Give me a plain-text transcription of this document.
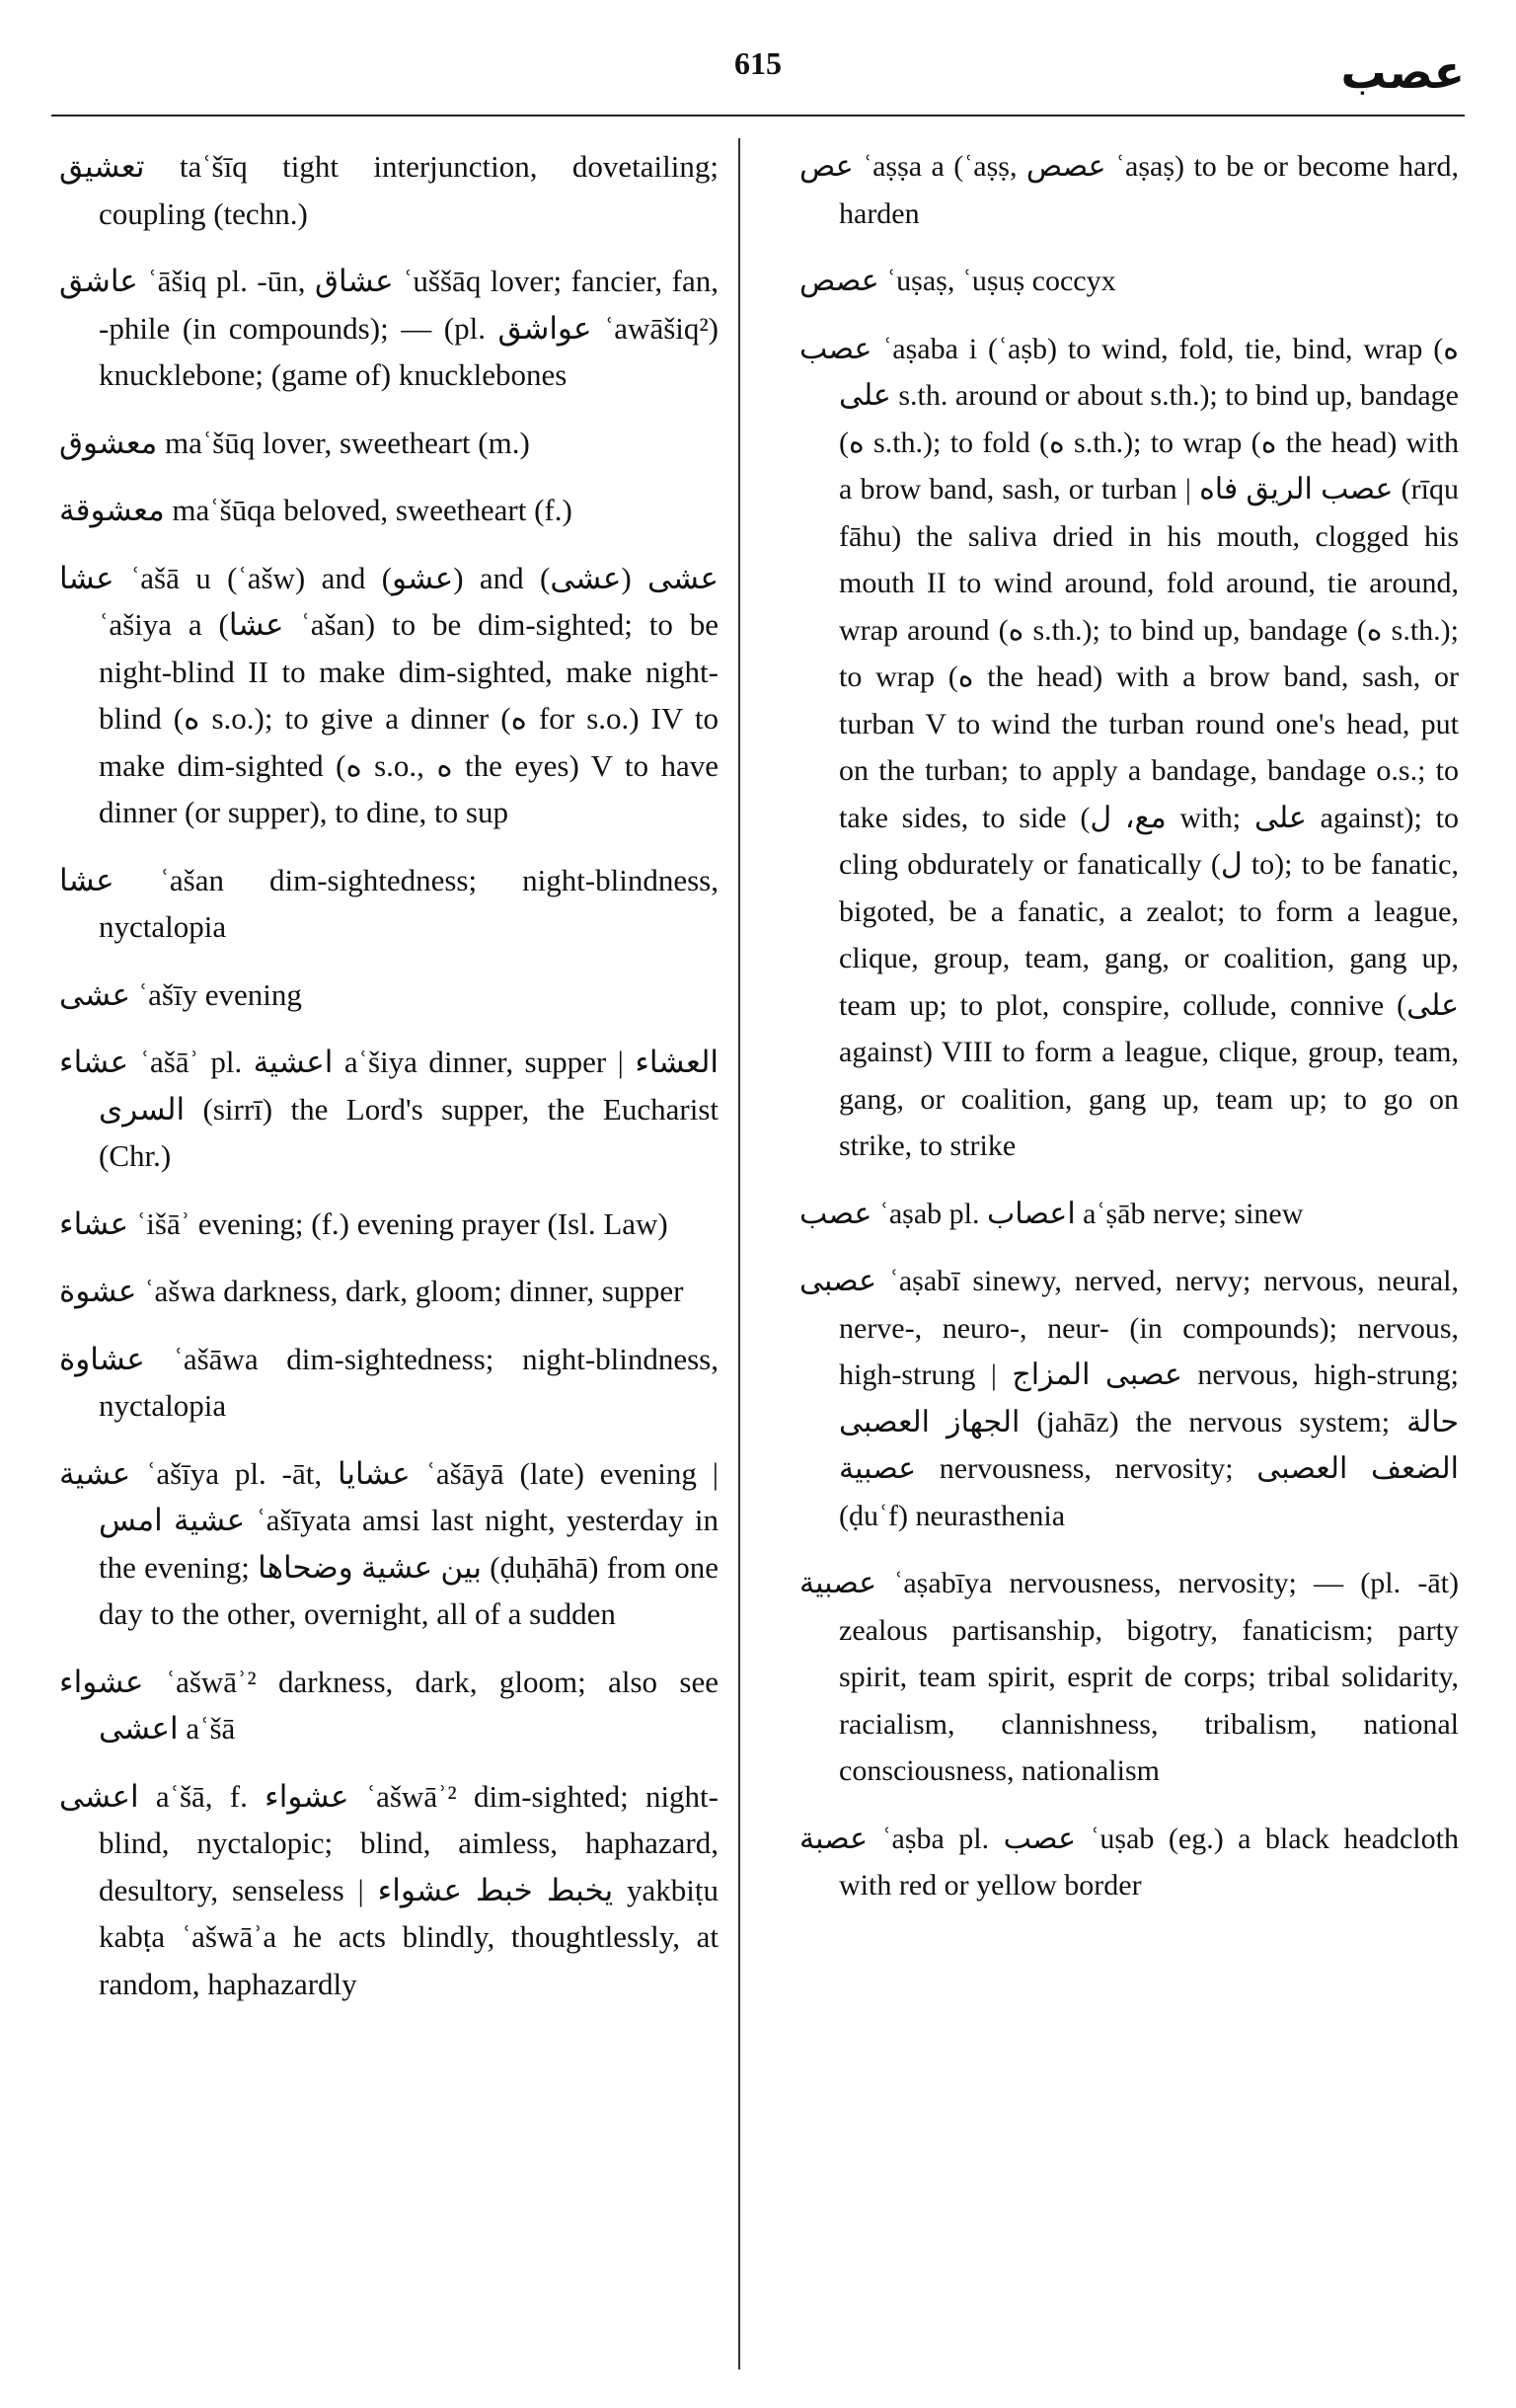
615	عصب

تعشيق taʿšīq tight interjunction, dovetailing; coupling (techn.)

عاشق ʿāšiq pl. -ūn, عشاق ʿuššāq lover; fancier, fan, -phile (in compounds); — (pl. عواشق ʿawāšiq²) knucklebone; (game of) knucklebones

معشوق maʿšūq lover, sweetheart (m.)

معشوقة maʿšūqa beloved, sweetheart (f.)

عشا ʿašā u (ʿašw) and (عشو) and (عشى) عشى ʿašiya a (عشا ʿašan) to be dim-sighted; to be night-blind II to make dim-sighted, make night-blind (ه s.o.); to give a dinner (ه for s.o.) IV to make dim-sighted (ه s.o., ه the eyes) V to have dinner (or supper), to dine, to sup

عشا ʿašan dim-sightedness; night-blindness, nyctalopia

عشى ʿašīy evening

عشاء ʿašāʾ pl. اعشية aʿšiya dinner, supper | العشاء السرى (sirrī) the Lord's supper, the Eucharist (Chr.)

عشاء ʿišāʾ evening; (f.) evening prayer (Isl. Law)

عشوة ʿašwa darkness, dark, gloom; dinner, supper

عشاوة ʿašāwa dim-sightedness; night-blindness, nyctalopia

عشية ʿašīya pl. -āt, عشايا ʿašāyā (late) evening | عشية امس ʿašīyata amsi last night, yesterday in the evening; بين عشية وضحاها (ḍuḥāhā) from one day to the other, overnight, all of a sudden

عشواء ʿašwāʾ² darkness, dark, gloom; also see اعشى aʿšā

اعشى aʿšā, f. عشواء ʿašwāʾ² dim-sighted; night-blind, nyctalopic; blind, aimless, haphazard, desultory, senseless | يخبط خبط عشواء yakbiṭu kabṭa ʿašwāʾa he acts blindly, thoughtlessly, at random, haphazardly

عص ʿaṣṣa a (ʿaṣṣ, عصص ʿaṣaṣ) to be or become hard, harden

عصص ʿuṣaṣ, ʿuṣuṣ coccyx

عصب ʿaṣaba i (ʿaṣb) to wind, fold, tie, bind, wrap (ه على s.th. around or about s.th.); to bind up, bandage (ه s.th.); to fold (ه s.th.); to wrap (ه the head) with a brow band, sash, or turban | عصب الريق فاه (rīqu fāhu) the saliva dried in his mouth, clogged his mouth II to wind around, fold around, tie around, wrap around (ه s.th.); to bind up, bandage (ه s.th.); to wrap (ه the head) with a brow band, sash, or turban V to wind the turban round one's head, put on the turban; to apply a bandage, bandage o.s.; to take sides, to side (مع، ل with; على against); to cling obdurately or fanatically (ل to); to be fanatic, bigoted, be a fanatic, a zealot; to form a league, clique, group, team, gang, or coalition, gang up, team up; to plot, conspire, collude, connive (على against) VIII to form a league, clique, group, team, gang, or coalition, gang up, team up; to go on strike, to strike

عصب ʿaṣab pl. اعصاب aʿṣāb nerve; sinew

عصبى ʿaṣabī sinewy, nerved, nervy; nervous, neural, nerve-, neuro-, neur- (in compounds); nervous, high-strung | عصبى المزاج nervous, high-strung; الجهاز العصبى (jahāz) the nervous system; حالة عصبية nervousness, nervosity; الضعف العصبى (ḍuʿf) neurasthenia

عصبية ʿaṣabīya nervousness, nervosity; — (pl. -āt) zealous partisanship, bigotry, fanaticism; party spirit, team spirit, esprit de corps; tribal solidarity, racialism, clannishness, tribalism, national consciousness, nationalism

عصبة ʿaṣba pl. عصب ʿuṣab (eg.) a black headcloth with red or yellow border
